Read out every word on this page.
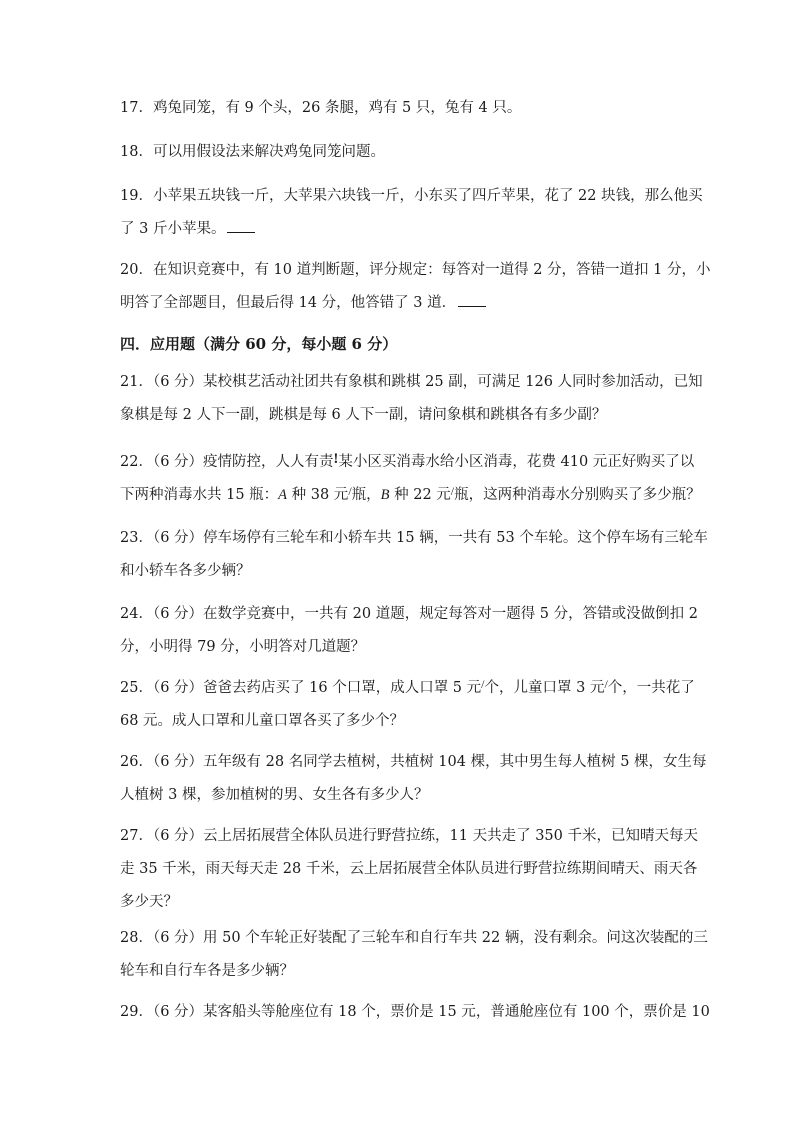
17．鸡兔同笼，有 9 个头，26 条腿，鸡有 5 只，兔有 4 只。
18．可以用假设法来解决鸡兔同笼问题。
19．小苹果五块钱一斤，大苹果六块钱一斤，小东买了四斤苹果，花了 22 块钱，那么他买
了 3 斤小苹果。
20．在知识竞赛中，有 10 道判断题，评分规定：每答对一道得 2 分，答错一道扣 1 分，小
明答了全部题目，但最后得 14 分，他答错了 3 道．
四．应用题（满分 60 分，每小题 6 分）
21．（6 分）某校棋艺活动社团共有象棋和跳棋 25 副，可满足 126 人同时参加活动，已知
象棋是每 2 人下一副，跳棋是每 6 人下一副，请问象棋和跳棋各有多少副？
22．（6 分）疫情防控，人人有责!某小区买消毒水给小区消毒，花费 410 元正好购买了以
下两种消毒水共 15 瓶：A 种 38 元/瓶，B 种 22 元/瓶，这两种消毒水分别购买了多少瓶？
23．（6 分）停车场停有三轮车和小轿车共 15 辆，一共有 53 个车轮。这个停车场有三轮车
和小轿车各多少辆？
24．（6 分）在数学竞赛中，一共有 20 道题，规定每答对一题得 5 分，答错或没做倒扣 2
分，小明得 79 分，小明答对几道题？
25．（6 分）爸爸去药店买了 16 个口罩，成人口罩 5 元/个，儿童口罩 3 元/个，一共花了
68 元。成人口罩和儿童口罩各买了多少个？
26．（6 分）五年级有 28 名同学去植树，共植树 104 棵，其中男生每人植树 5 棵，女生每
人植树 3 棵，参加植树的男、女生各有多少人？
27．（6 分）云上居拓展营全体队员进行野营拉练，11 天共走了 350 千米，已知晴天每天
走 35 千米，雨天每天走 28 千米，云上居拓展营全体队员进行野营拉练期间晴天、雨天各
多少天？
28．（6 分）用 50 个车轮正好装配了三轮车和自行车共 22 辆，没有剩余。问这次装配的三
轮车和自行车各是多少辆？
29．（6 分）某客船头等舱座位有 18 个，票价是 15 元，普通舱座位有 100 个，票价是 10
